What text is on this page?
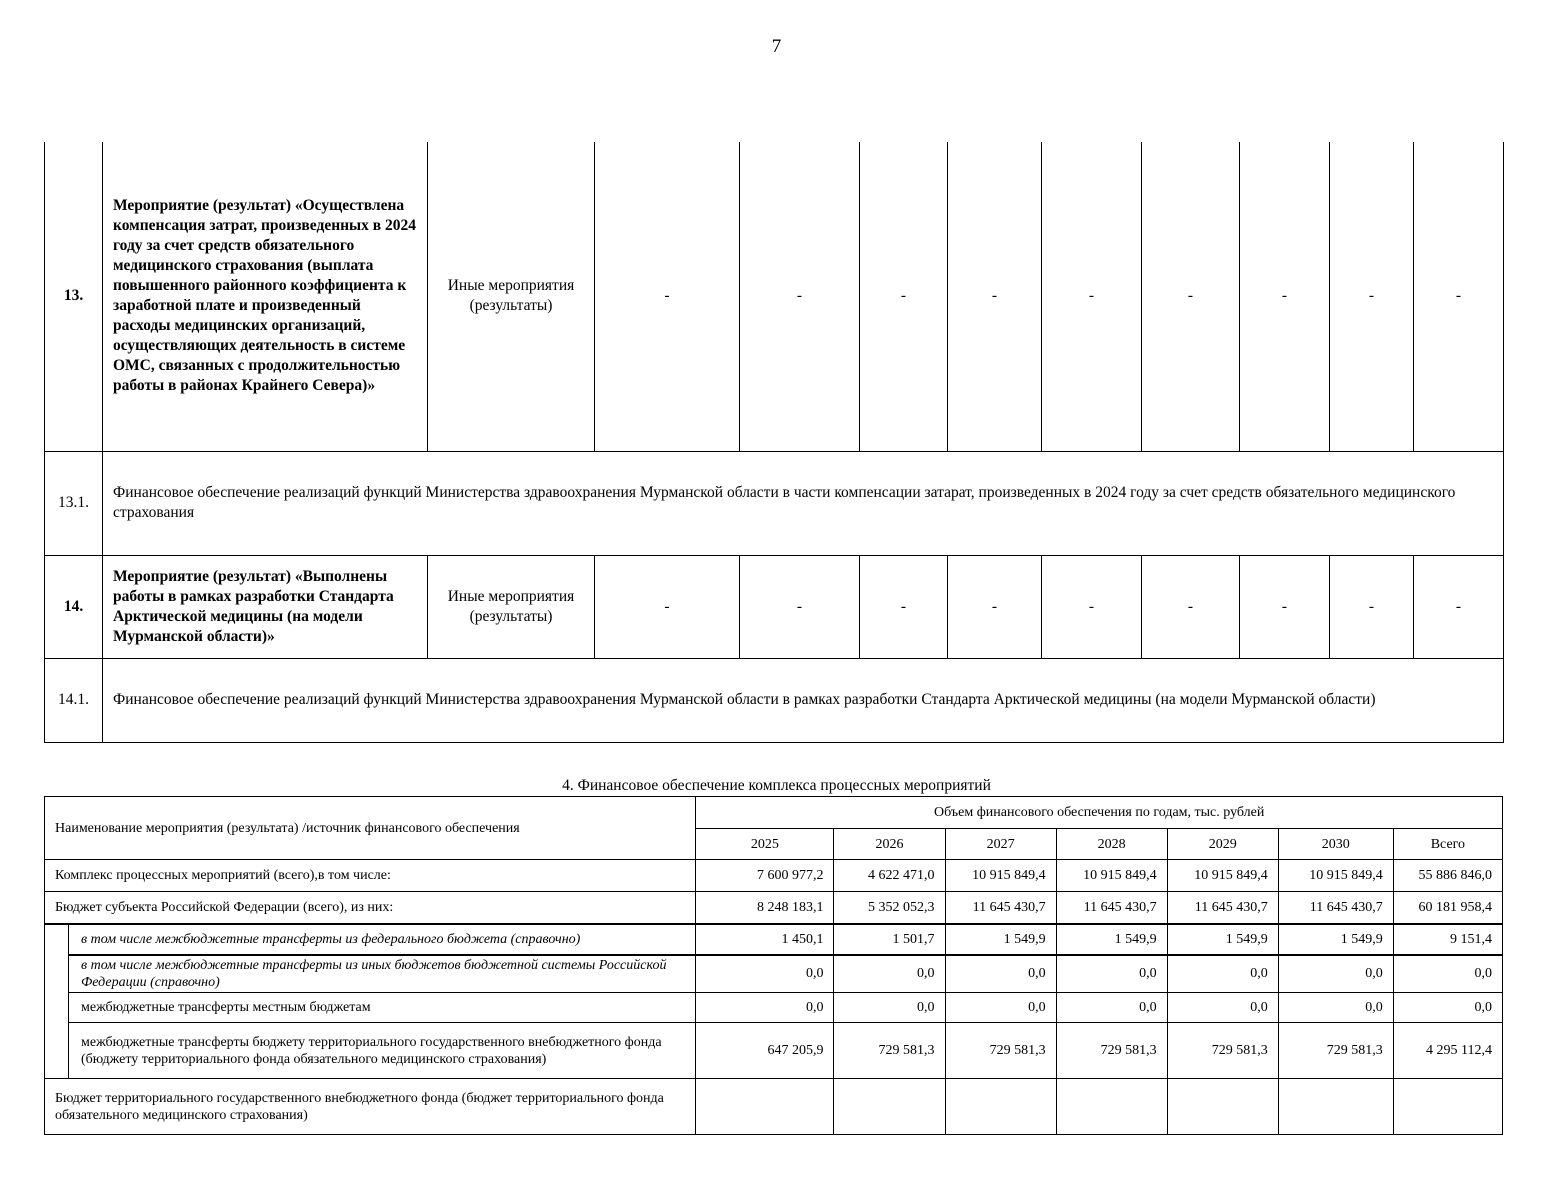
7
13.	Мероприятие (результат) «Осуществлена компенсация затрат, произведенных в 2024 году за счет средств обязательного медицинского страхования (выплата повышенного районного коэффициента к заработной плате и произведенный расходы медицинских организаций, осуществляющих деятельность в системе ОМС, связанных с продолжительностью работы в районах Крайнего Севера)»	Иные мероприятия (результаты)	-	-	-	-	-	-	-	-	-
13.1.	Финансовое обеспечение реализаций функций Министерства здравоохранения Мурманской области в части компенсации затарат, произведенных в 2024 году за счет средств обязательного медицинского страхования										
14.	Мероприятие (результат) «Выполнены работы в рамках разработки Стандарта Арктической медицины (на модели Мурманской области)»	Иные мероприятия (результаты)	-	-	-	-	-	-	-	-	-
14.1.	Финансовое обеспечение реализаций функций Министерства здравоохранения Мурманской области в рамках разработки Стандарта Арктической медицины (на модели Мурманской области)										
4. Финансовое обеспечение комплекса процессных мероприятий
Наименование мероприятия (результата) /источник финансового обеспечения		Объем финансового обеспечения по годам, тыс. рублей						
		2025	2026	2027	2028	2029	2030	Всего
Комплекс процессных мероприятий (всего),в том числе:		7 600 977,2	4 622 471,0	10 915 849,4	10 915 849,4	10 915 849,4	10 915 849,4	55 886 846,0
Бюджет субъекта Российской Федерации (всего), из них:		8 248 183,1	5 352 052,3	11 645 430,7	11 645 430,7	11 645 430,7	11 645 430,7	60 181 958,4
	в том числе межбюджетные трансферты из федерального бюджета (справочно)	1 450,1	1 501,7	1 549,9	1 549,9	1 549,9	1 549,9	9 151,4
	в том числе межбюджетные трансферты из иных бюджетов бюджетной системы Российской Федерации (справочно)	0,0	0,0	0,0	0,0	0,0	0,0	0,0
	межбюджетные трансферты местным бюджетам	0,0	0,0	0,0	0,0	0,0	0,0	0,0
	межбюджетные трансферты бюджету территориального государственного внебюджетного фонда (бюджету территориального фонда обязательного медицинского страхования)	647 205,9	729 581,3	729 581,3	729 581,3	729 581,3	729 581,3	4 295 112,4
Бюджет территориального государственного внебюджетного фонда (бюджет территориального фонда обязательного медицинского страхования)								
